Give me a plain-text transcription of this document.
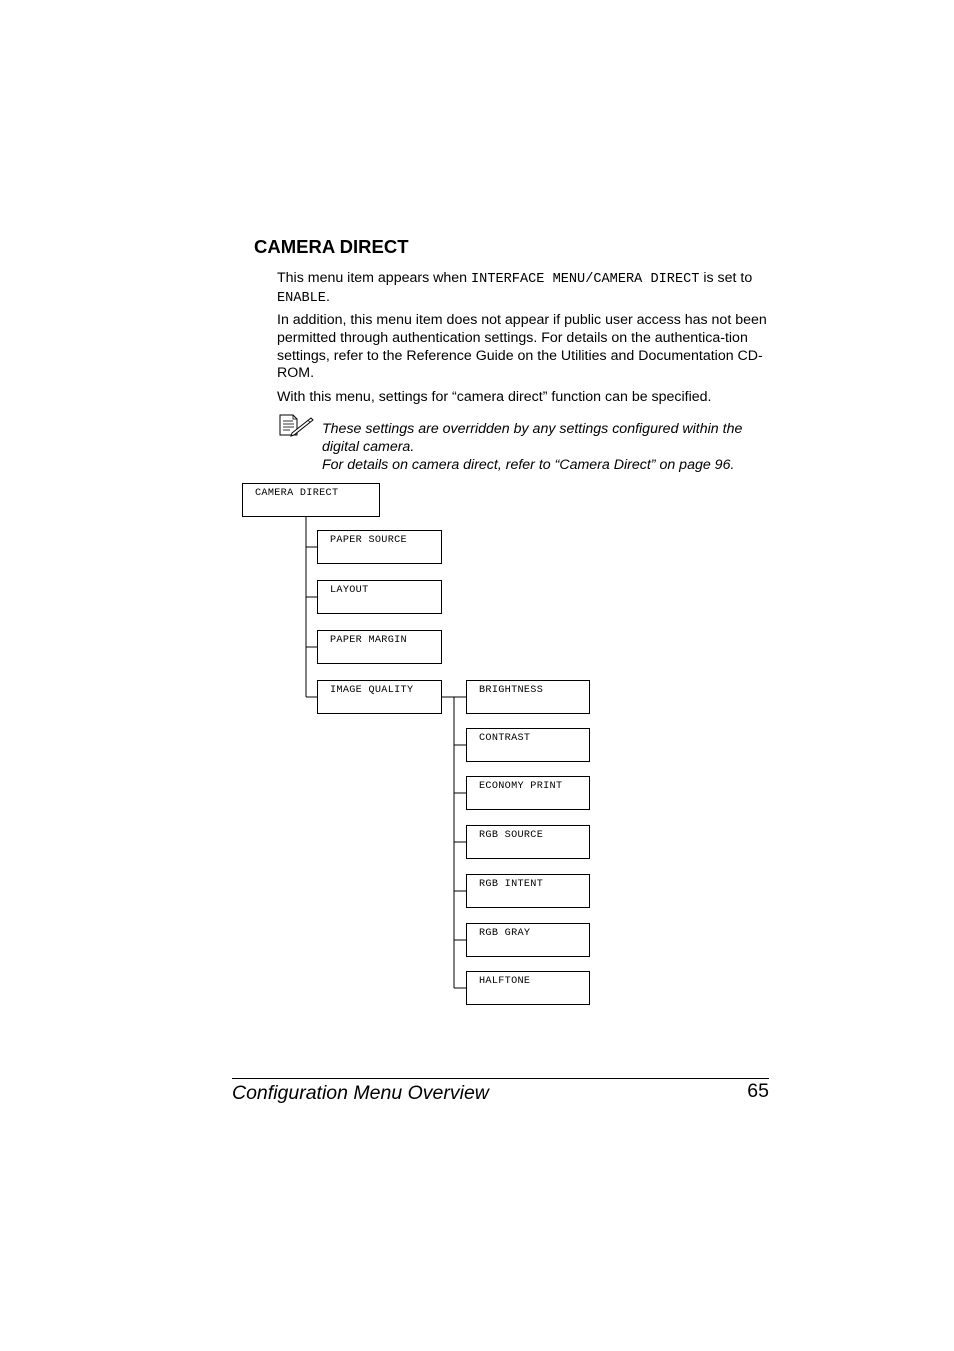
CAMERA DIRECT

This menu item appears when INTERFACE MENU/CAMERA DIRECT is set to ENABLE.

In addition, this menu item does not appear if public user access has not been permitted through authentication settings. For details on the authentica-tion settings, refer to the Reference Guide on the Utilities and Documentation CD-ROM.

With this menu, settings for “camera direct” function can be specified.

These settings are overridden by any settings configured within the digital camera.
For details on camera direct, refer to “Camera Direct” on page 96.
CAMERA DIRECT
PAPER SOURCE
LAYOUT
PAPER MARGIN
IMAGE QUALITY	BRIGHTNESS
CONTRAST
ECONOMY PRINT
RGB SOURCE
RGB INTENT
RGB GRAY
HALFTONE
Configuration Menu Overview	65
